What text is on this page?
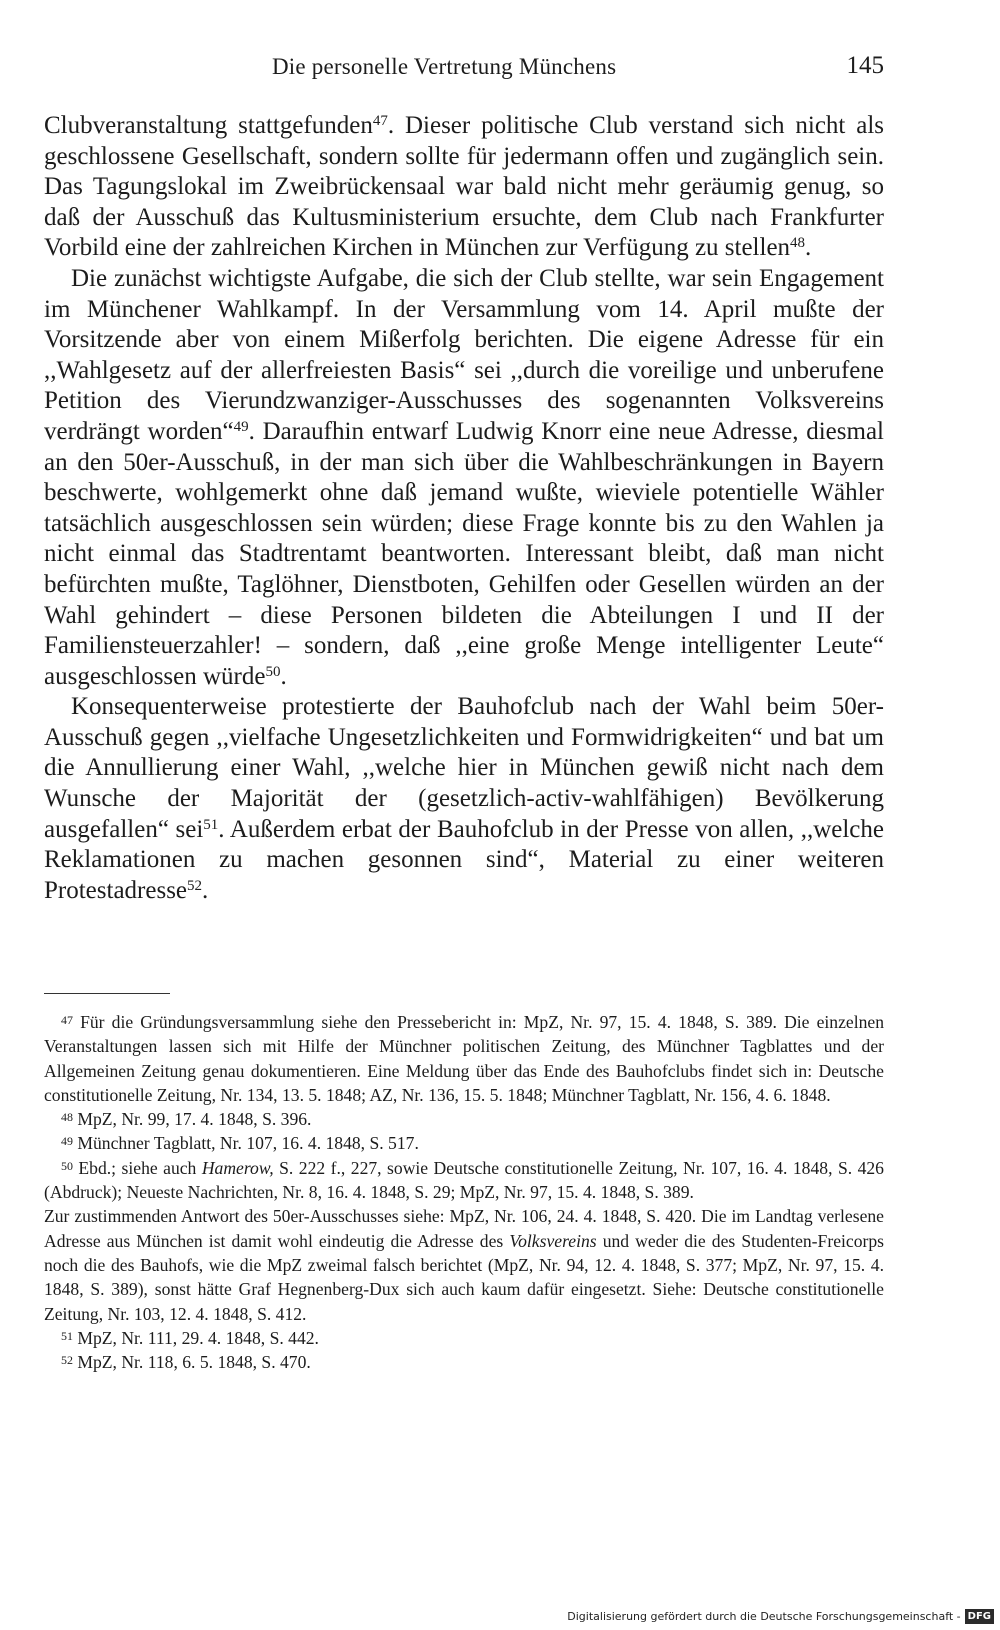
Die personelle Vertretung Münchens	145

Clubveranstaltung stattgefunden$^{47}$. Dieser politische Club verstand sich nicht als geschlossene Gesellschaft, sondern sollte für jedermann offen und zugänglich sein. Das Tagungslokal im Zweibrückensaal war bald nicht mehr geräumig genug, so daß der Ausschuß das Kultusministerium ersuchte, dem Club nach Frankfurter Vorbild eine der zahlreichen Kirchen in München zur Verfügung zu stellen$^{48}$.

Die zunächst wichtigste Aufgabe, die sich der Club stellte, war sein Engagement im Münchener Wahlkampf. In der Versammlung vom 14. April mußte der Vorsitzende aber von einem Mißerfolg berichten. Die eigene Adresse für ein ,,Wahlgesetz auf der allerfreiesten Basis“ sei ,,durch die voreilige und unberufene Petition des Vierundzwanziger-Ausschusses des sogenannten Volksvereins verdrängt worden“$^{49}$. Daraufhin entwarf Ludwig Knorr eine neue Adresse, diesmal an den 50er-Ausschuß, in der man sich über die Wahlbeschränkungen in Bayern beschwerte, wohlgemerkt ohne daß jemand wußte, wieviele potentielle Wähler tatsächlich ausgeschlossen sein würden; diese Frage konnte bis zu den Wahlen ja nicht einmal das Stadtrentamt beantworten. Interessant bleibt, daß man nicht befürchten mußte, Taglöhner, Dienstboten, Gehilfen oder Gesellen würden an der Wahl gehindert – diese Personen bildeten die Abteilungen I und II der Familiensteuerzahler! – sondern, daß ,,eine große Menge intelligenter Leute“ ausgeschlossen würde$^{50}$.

Konsequenterweise protestierte der Bauhofclub nach der Wahl beim 50er-Ausschuß gegen ,,vielfache Ungesetzlichkeiten und Formwidrigkeiten“ und bat um die Annullierung einer Wahl, ,,welche hier in München gewiß nicht nach dem Wunsche der Majorität der (gesetzlich-activ-wahlfähigen) Bevölkerung ausgefallen“ sei$^{51}$. Außerdem erbat der Bauhofclub in der Presse von allen, ,,welche Reklamationen zu machen gesonnen sind“, Material zu einer weiteren Protestadresse$^{52}$.

$^{47}$ Für die Gründungsversammlung siehe den Pressebericht in: MpZ, Nr. 97, 15. 4. 1848, S. 389. Die einzelnen Veranstaltungen lassen sich mit Hilfe der Münchner politischen Zeitung, des Münchner Tagblattes und der Allgemeinen Zeitung genau dokumentieren. Eine Meldung über das Ende des Bauhofclubs findet sich in: Deutsche constitutionelle Zeitung, Nr. 134, 13. 5. 1848; AZ, Nr. 136, 15. 5. 1848; Münchner Tagblatt, Nr. 156, 4. 6. 1848.

$^{48}$ MpZ, Nr. 99, 17. 4. 1848, S. 396.

$^{49}$ Münchner Tagblatt, Nr. 107, 16. 4. 1848, S. 517.

$^{50}$ Ebd.; siehe auch Hamerow, S. 222 f., 227, sowie Deutsche constitutionelle Zeitung, Nr. 107, 16. 4. 1848, S. 426 (Abdruck); Neueste Nachrichten, Nr. 8, 16. 4. 1848, S. 29; MpZ, Nr. 97, 15. 4. 1848, S. 389.

Zur zustimmenden Antwort des 50er-Ausschusses siehe: MpZ, Nr. 106, 24. 4. 1848, S. 420. Die im Landtag verlesene Adresse aus München ist damit wohl eindeutig die Adresse des Volksvereins und weder die des Studenten-Freicorps noch die des Bauhofs, wie die MpZ zweimal falsch berichtet (MpZ, Nr. 94, 12. 4. 1848, S. 377; MpZ, Nr. 97, 15. 4. 1848, S. 389), sonst hätte Graf Hegnenberg-Dux sich auch kaum dafür eingesetzt. Siehe: Deutsche constitutionelle Zeitung, Nr. 103, 12. 4. 1848, S. 412.

$^{51}$ MpZ, Nr. 111, 29. 4. 1848, S. 442.

$^{52}$ MpZ, Nr. 118, 6. 5. 1848, S. 470.

Digitalisierung gefördert durch die Deutsche Forschungsgemeinschaft - DFG
